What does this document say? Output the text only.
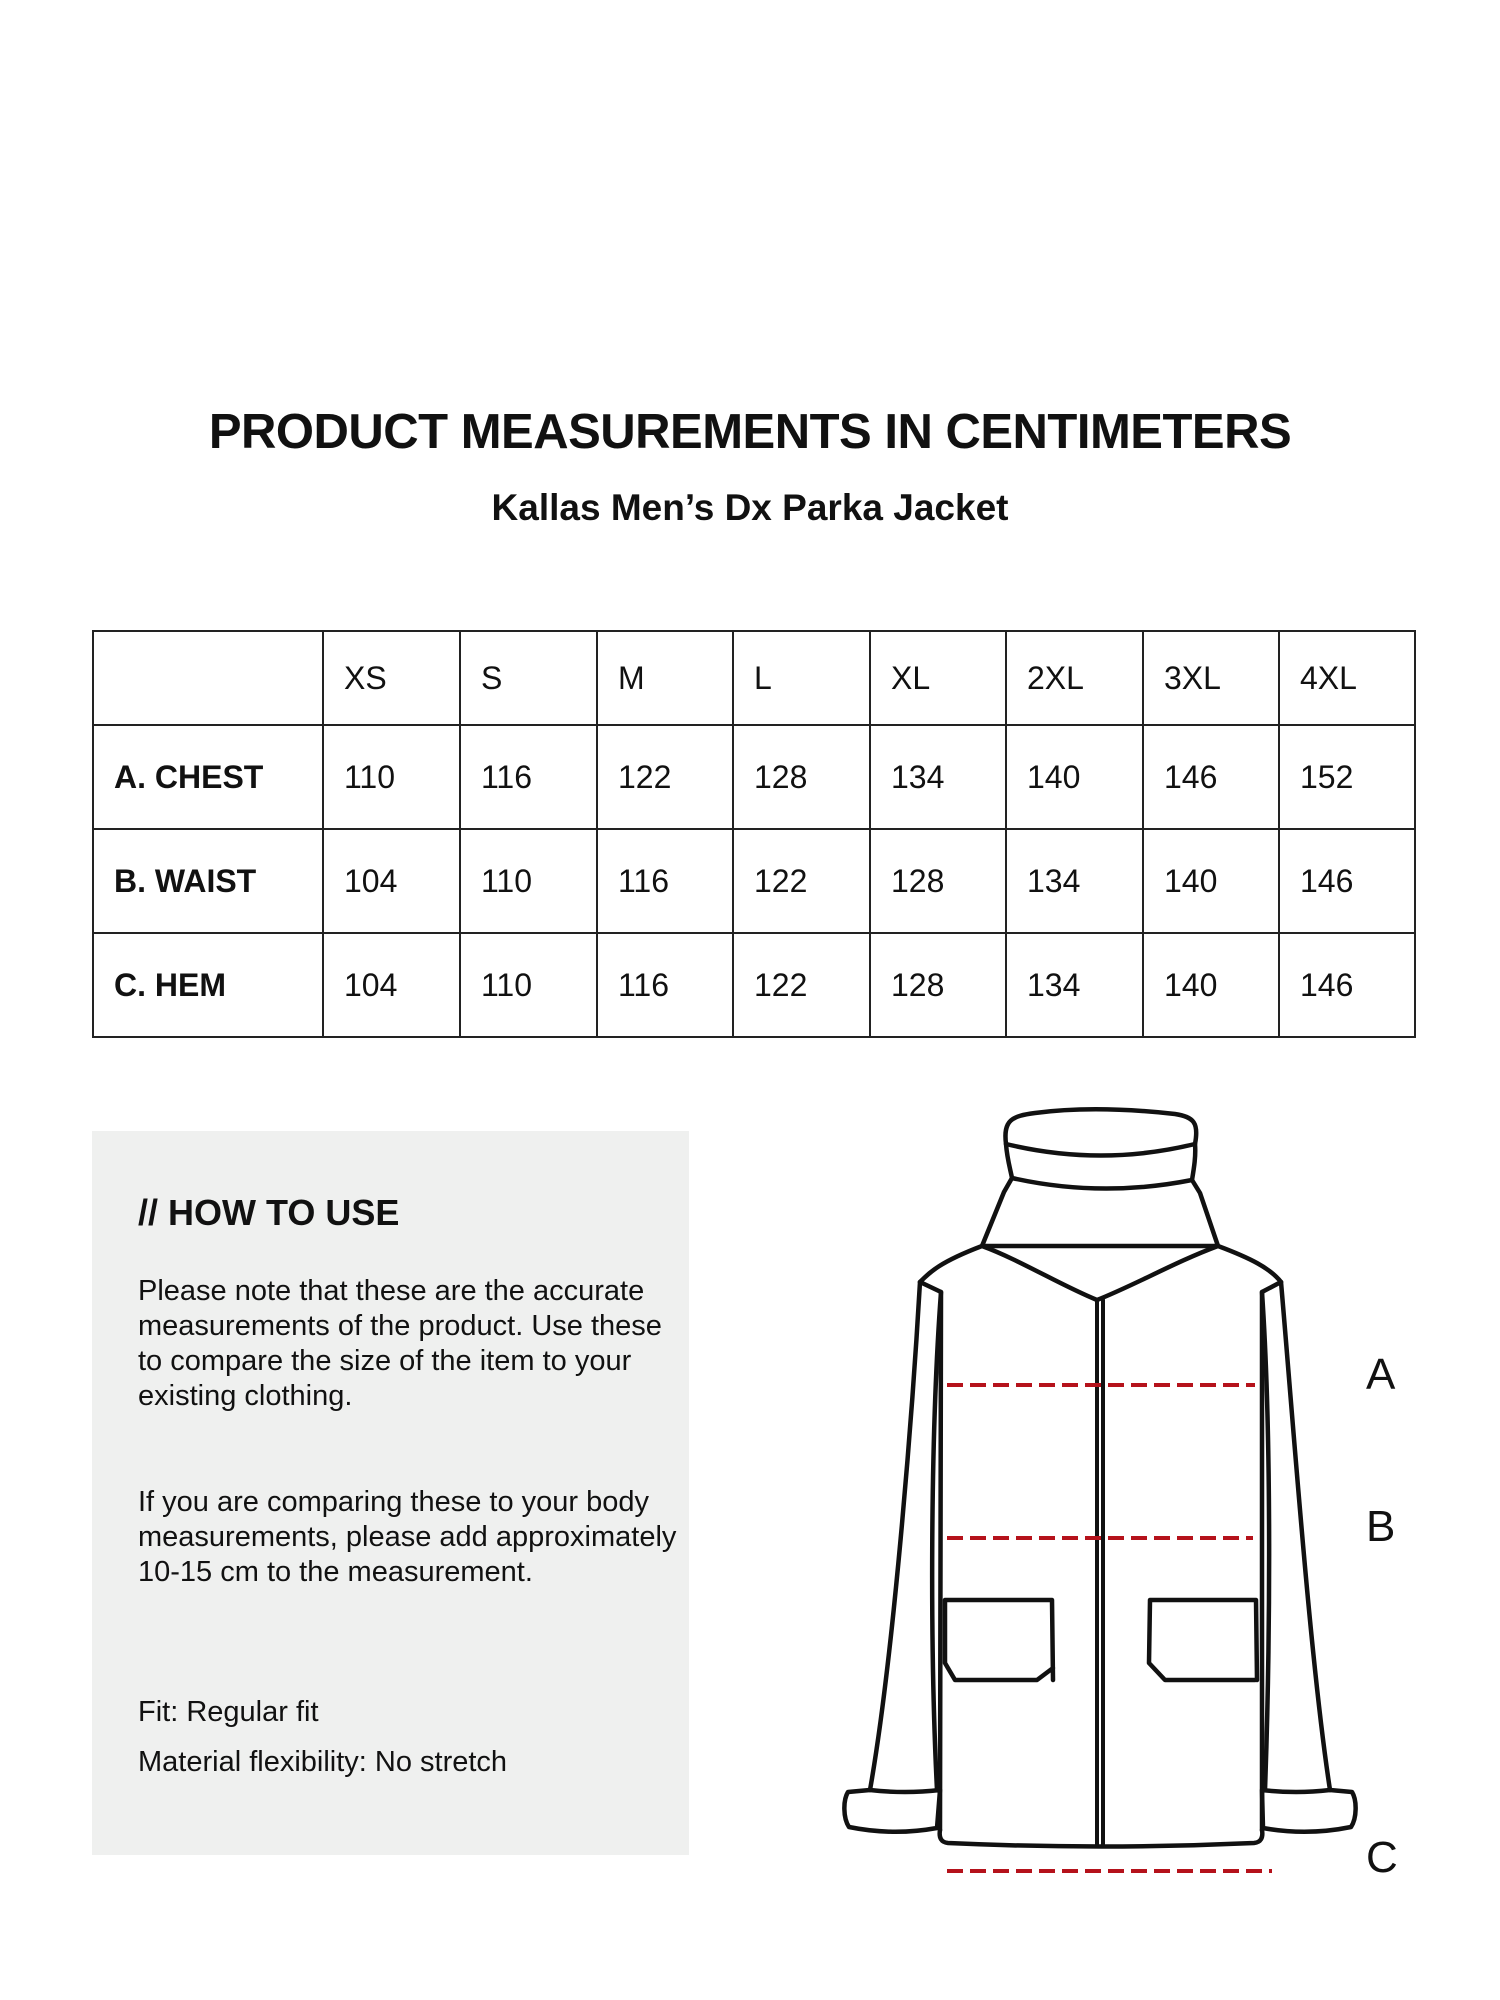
PRODUCT MEASUREMENTS IN CENTIMETERS
Kallas Men’s Dx Parka Jacket
	XS	S	M	L	XL	2XL	3XL	4XL
A. CHEST	110	116	122	128	134	140	146	152
B. WAIST	104	110	116	122	128	134	140	146
C. HEM	104	110	116	122	128	134	140	146
// HOW TO USE
Please note that these are the accurate measurements of the product. Use these to compare the size of the item to your existing clothing.
If you are comparing these to your body measurements, please add approximately 10-15 cm to the measurement.
Fit: Regular fit
Material flexibility: No stretch
A
B
C
